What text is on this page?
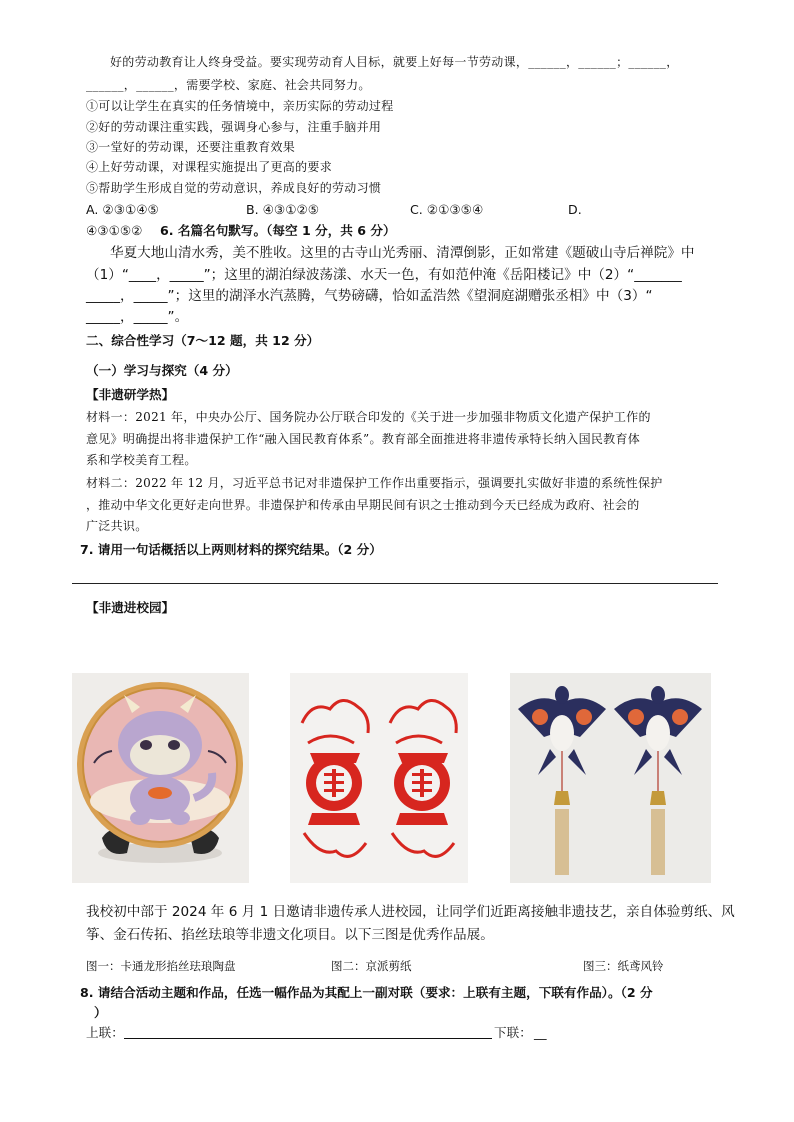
好的劳动教育让人终身受益。要实现劳动育人目标，就要上好每一节劳动课，______，______；______，
______，______，需要学校、家庭、社会共同努力。
①可以让学生在真实的任务情境中，亲历实际的劳动过程
②好的劳动课注重实践，强调身心参与，注重手脑并用
③一堂好的劳动课，还要注重教育效果
④上好劳动课，对课程实施提出了更高的要求
⑤帮助学生形成自觉的劳动意识，养成良好的劳动习惯
A. ②③①④⑤	B. ④③①②⑤	C. ②①③⑤④	D.
④③①⑤② 6. 名篇名句默写。（每空 1 分，共 6 分）
华夏大地山清水秀，美不胜收。这里的古寺山光秀丽、清潭倒影，正如常建《题破山寺后禅院》中
（1）“____，_____”；这里的湖泊绿波荡漾、水天一色，有如范仲淹《岳阳楼记》中（2）“_______
_____，_____”；这里的湖泽水汽蒸腾，气势磅礴，恰如孟浩然《望洞庭湖赠张丞相》中（3）“
_____，_____”。
二、综合性学习（7～12 题，共 12 分）
（一）学习与探究（4 分）
【非遗研学热】
材料一：2021 年，中央办公厅、国务院办公厅联合印发的《关于进一步加强非物质文化遗产保护工作的
意见》明确提出将非遗保护工作“融入国民教育体系”。教育部全面推进将非遗传承特长纳入国民教育体
系和学校美育工程。
材料二：2022 年 12 月，习近平总书记对非遗保护工作作出重要指示，强调要扎实做好非遗的系统性保护
，推动中华文化更好走向世界。非遗保护和传承由早期民间有识之士推动到今天已经成为政府、社会的
广泛共识。
7. 请用一句话概括以上两则材料的探究结果。（2 分）
【非遗进校园】
我校初中部于 2024 年 6 月 1 日邀请非遗传承人进校园，让同学们近距离接触非遗技艺，亲自体验剪纸、风
筝、金石传拓、掐丝珐琅等非遗文化项目。以下三图是优秀作品展。
图一：卡通龙形掐丝珐琅陶盘	图二：京派剪纸	图三：纸鸢风铃
8. 请结合活动主题和作品，任选一幅作品为其配上一副对联（要求：上联有主题，下联有作品）。（2 分
）
上联：	下联： __
